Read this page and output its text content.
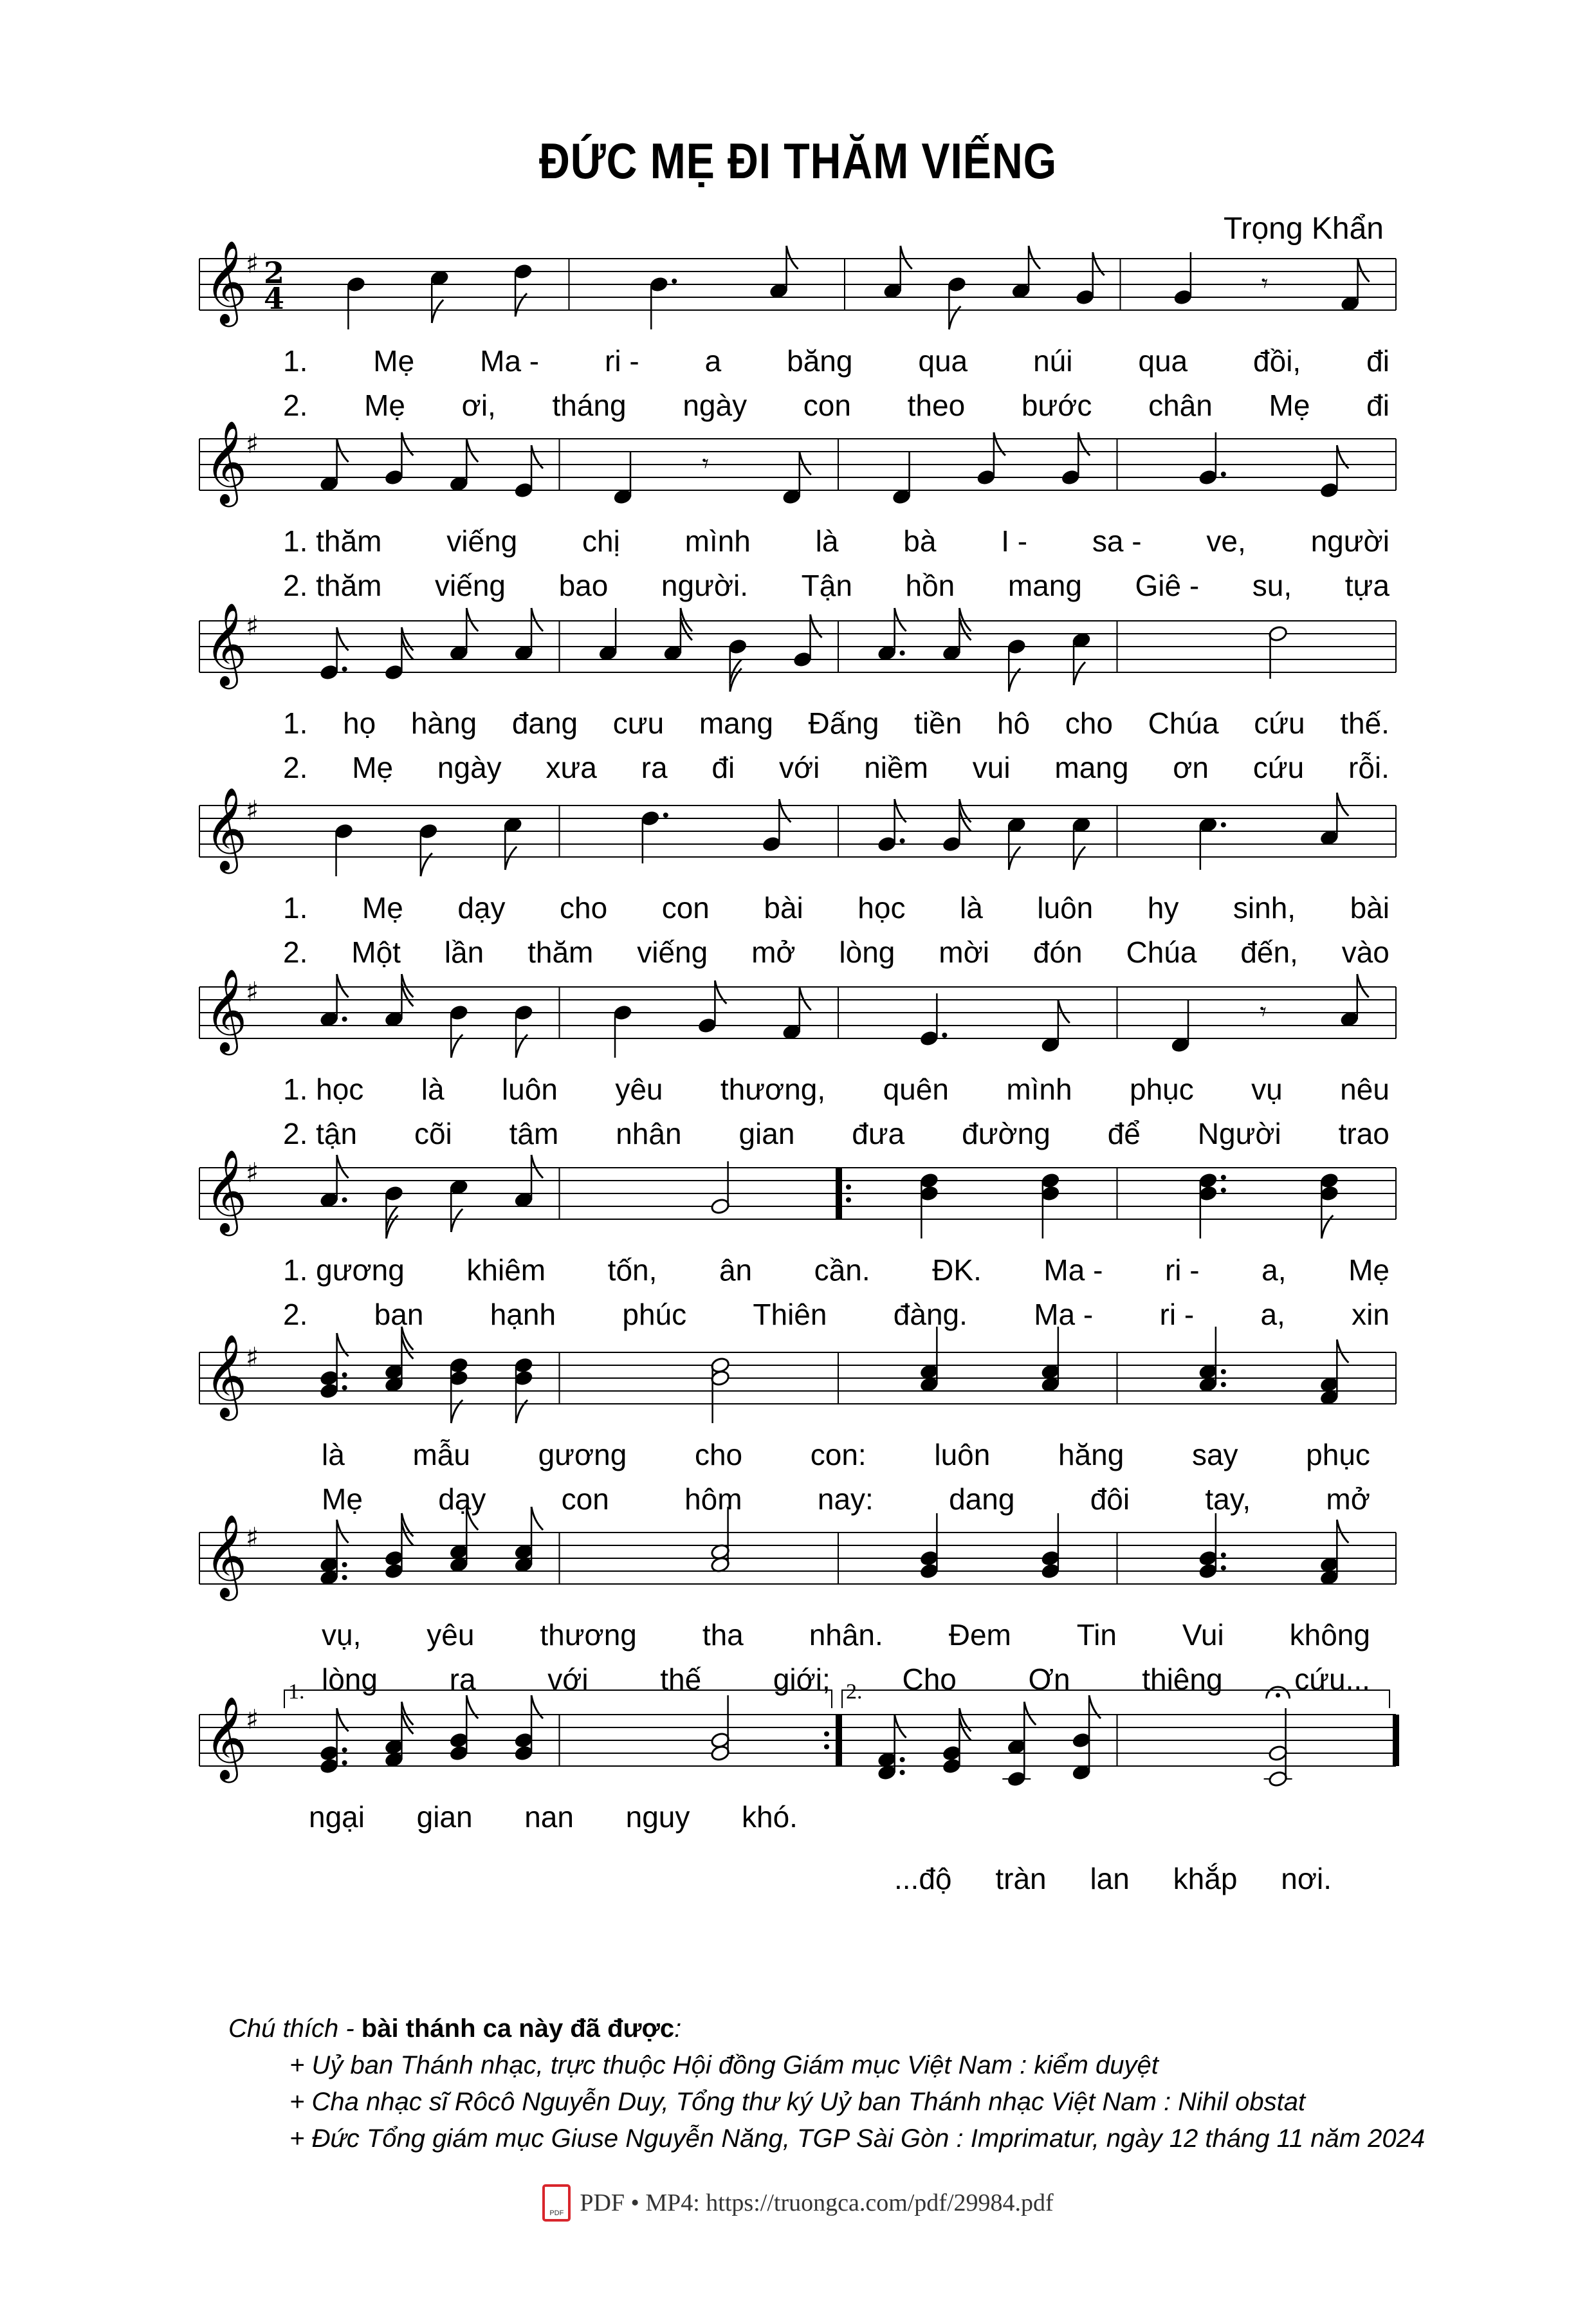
ĐỨC MẸ ĐI THĂM VIẾNG
Trọng Khẩn
𝄞
♯ 2
4	𝄾
1. Mẹ Ma - ri - a băng qua núi qua đồi, đi
2. Mẹ ơi, tháng ngày con theo bước chân Mẹ đi
𝄞
♯
𝄾
1. thăm viếng chị mình là bà I - sa - ve, người
2. thăm viếng bao người. Tận hồn mang Giê - su, tựa
𝄞
♯
1. họ hàng đang cưu mang Đấng tiền hô cho Chúa cứu thế.
2. Mẹ ngày xưa ra đi với niềm vui mang ơn cứu rỗi.
𝄞
♯
1. Mẹ dạy cho con bài học là luôn hy sinh, bài
2. Một lần thăm viếng mở lòng mời đón Chúa đến, vào
𝄞
♯
𝄾
1. học là luôn yêu thương, quên mình phục vụ nêu
2. tận cõi tâm nhân gian đưa đường để Người trao
𝄞
♯
1. gương khiêm tốn, ân cần. ĐK. Ma - ri - a, Mẹ
2. ban hạnh phúc Thiên đàng. Ma - ri - a, xin
𝄞
♯
là mẫu gương cho con: luôn hăng say phục
Mẹ	dạy	con	hôm	nay:	dang	đôi	tay,	mở
𝄞
♯
vụ, yêu thương tha nhân. Đem Tin Vui không
lòng ra với thế giới; Cho Ơn thiêng cứu...
𝄞
♯
1.	2.
ngại gian nan nguy khó.
...độ tràn lan khắp nơi.
Chú thích - bài thánh ca này đã được:
+ Uỷ ban Thánh nhạc, trực thuộc Hội đồng Giám mục Việt Nam : kiểm duyệt
+ Cha nhạc sĩ Rôcô Nguyễn Duy, Tổng thư ký Uỷ ban Thánh nhạc Việt Nam : Nihil obstat
+ Đức Tổng giám mục Giuse Nguyễn Năng, TGP Sài Gòn : Imprimatur, ngày 12 tháng 11 năm 2024
PDF PDF • MP4: https://truongca.com/pdf/29984.pdf
